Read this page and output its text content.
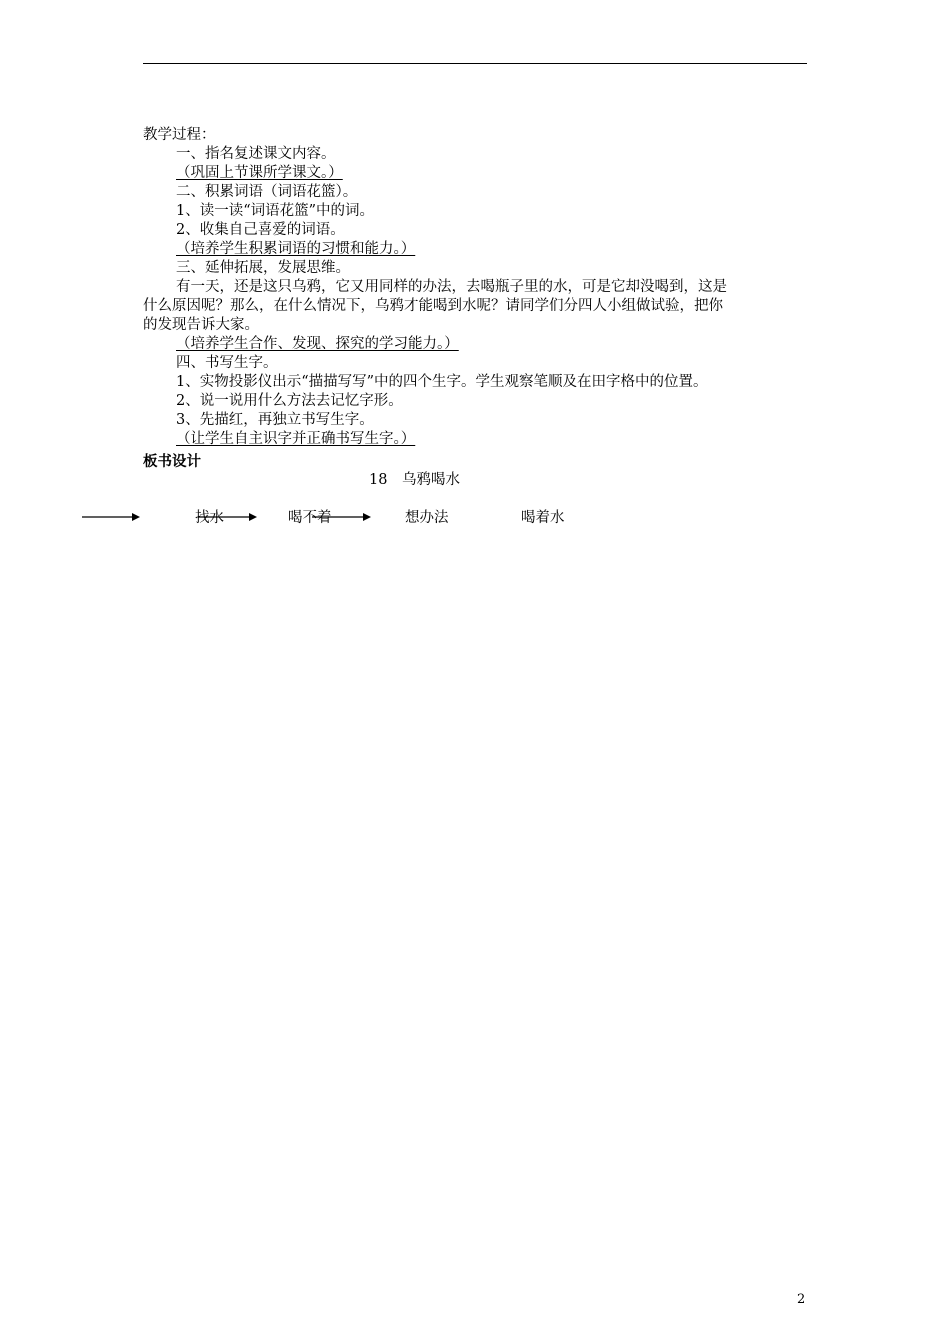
教学过程：
一、指名复述课文内容。
（巩固上节课所学课文。）
二、积累词语（词语花篮）。
1、读一读“词语花篮”中的词。
2、收集自己喜爱的词语。
（培养学生积累词语的习惯和能力。）
三、延伸拓展，发展思维。
有一天，还是这只乌鸦，它又用同样的办法，去喝瓶子里的水，可是它却没喝到，这是
什么原因呢？那么，在什么情况下，乌鸦才能喝到水呢？请同学们分四人小组做试验，把你
的发现告诉大家。
（培养学生合作、发现、探究的学习能力。）
四、书写生字。
1、实物投影仪出示“描描写写”中的四个生字。学生观察笔顺及在田字格中的位置。
2、说一说用什么方法去记忆字形。
3、先描红，再独立书写生字。
（让学生自主识字并正确书写生字。）
板书设计
18　乌鸦喝水
找水	喝不着	想办法	喝着水
2
